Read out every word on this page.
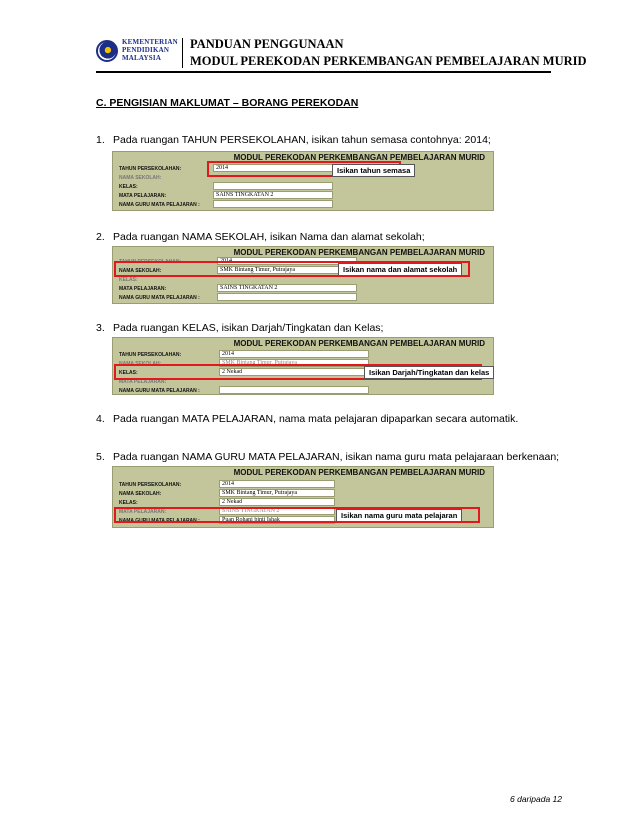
KEMENTERIAN
PENDIDIKAN
MALAYSIA
PANDUAN PENGGUNAAN
MODUL PEREKODAN PERKEMBANGAN PEMBELAJARAN MURID
C. PENGISIAN MAKLUMAT – BORANG PEREKODAN
1. Pada ruangan TAHUN PERSEKOLAHAN, isikan tahun semasa contohnya: 2014;
MODUL PEREKODAN PERKEMBANGAN PEMBELAJARAN MURID
TAHUN PERSEKOLAHAN:
NAMA SEKOLAH:
KELAS:
MATA PELAJARAN:
NAMA GURU MATA PELAJARAN :
2014
SAINS TINGKATAN 2
Isikan tahun semasa
2. Pada ruangan NAMA SEKOLAH, isikan Nama dan alamat sekolah;
MODUL PEREKODAN PERKEMBANGAN PEMBELAJARAN MURID
TAHUN PERSEKOLAHAN:
NAMA SEKOLAH:
KELAS:
MATA PELAJARAN:
NAMA GURU MATA PELAJARAN :
2014
SMK Bintang Timur, Putrajaya
SAINS TINGKATAN 2
Isikan nama dan alamat sekolah
3. Pada ruangan KELAS, isikan Darjah/Tingkatan dan Kelas;
MODUL PEREKODAN PERKEMBANGAN PEMBELAJARAN MURID
TAHUN PERSEKOLAHAN:
NAMA SEKOLAH:
KELAS:
MATA PELAJARAN:
NAMA GURU MATA PELAJARAN :
2014
SMK Bintang Timur, Putrajaya
2 Nekad	Isikan Darjah/Tingkatan dan kelas
4. Pada ruangan MATA PELAJARAN, nama mata pelajaran dipaparkan secara automatik.
5. Pada ruangan NAMA GURU MATA PELAJARAN, isikan nama guru mata pelajaraan berkenaan;
MODUL PEREKODAN PERKEMBANGAN PEMBELAJARAN MURID
TAHUN PERSEKOLAHAN:
NAMA SEKOLAH:
KELAS:
MATA PELAJARAN:
NAMA GURU MATA PELAJARAN :
2014
SMK Bintang Timur, Putrajaya
2 Nekad
SAINS TINGKATAN 2
Puan Rohani binti Ishak	Isikan nama guru mata pelajaran
6 daripada 12
